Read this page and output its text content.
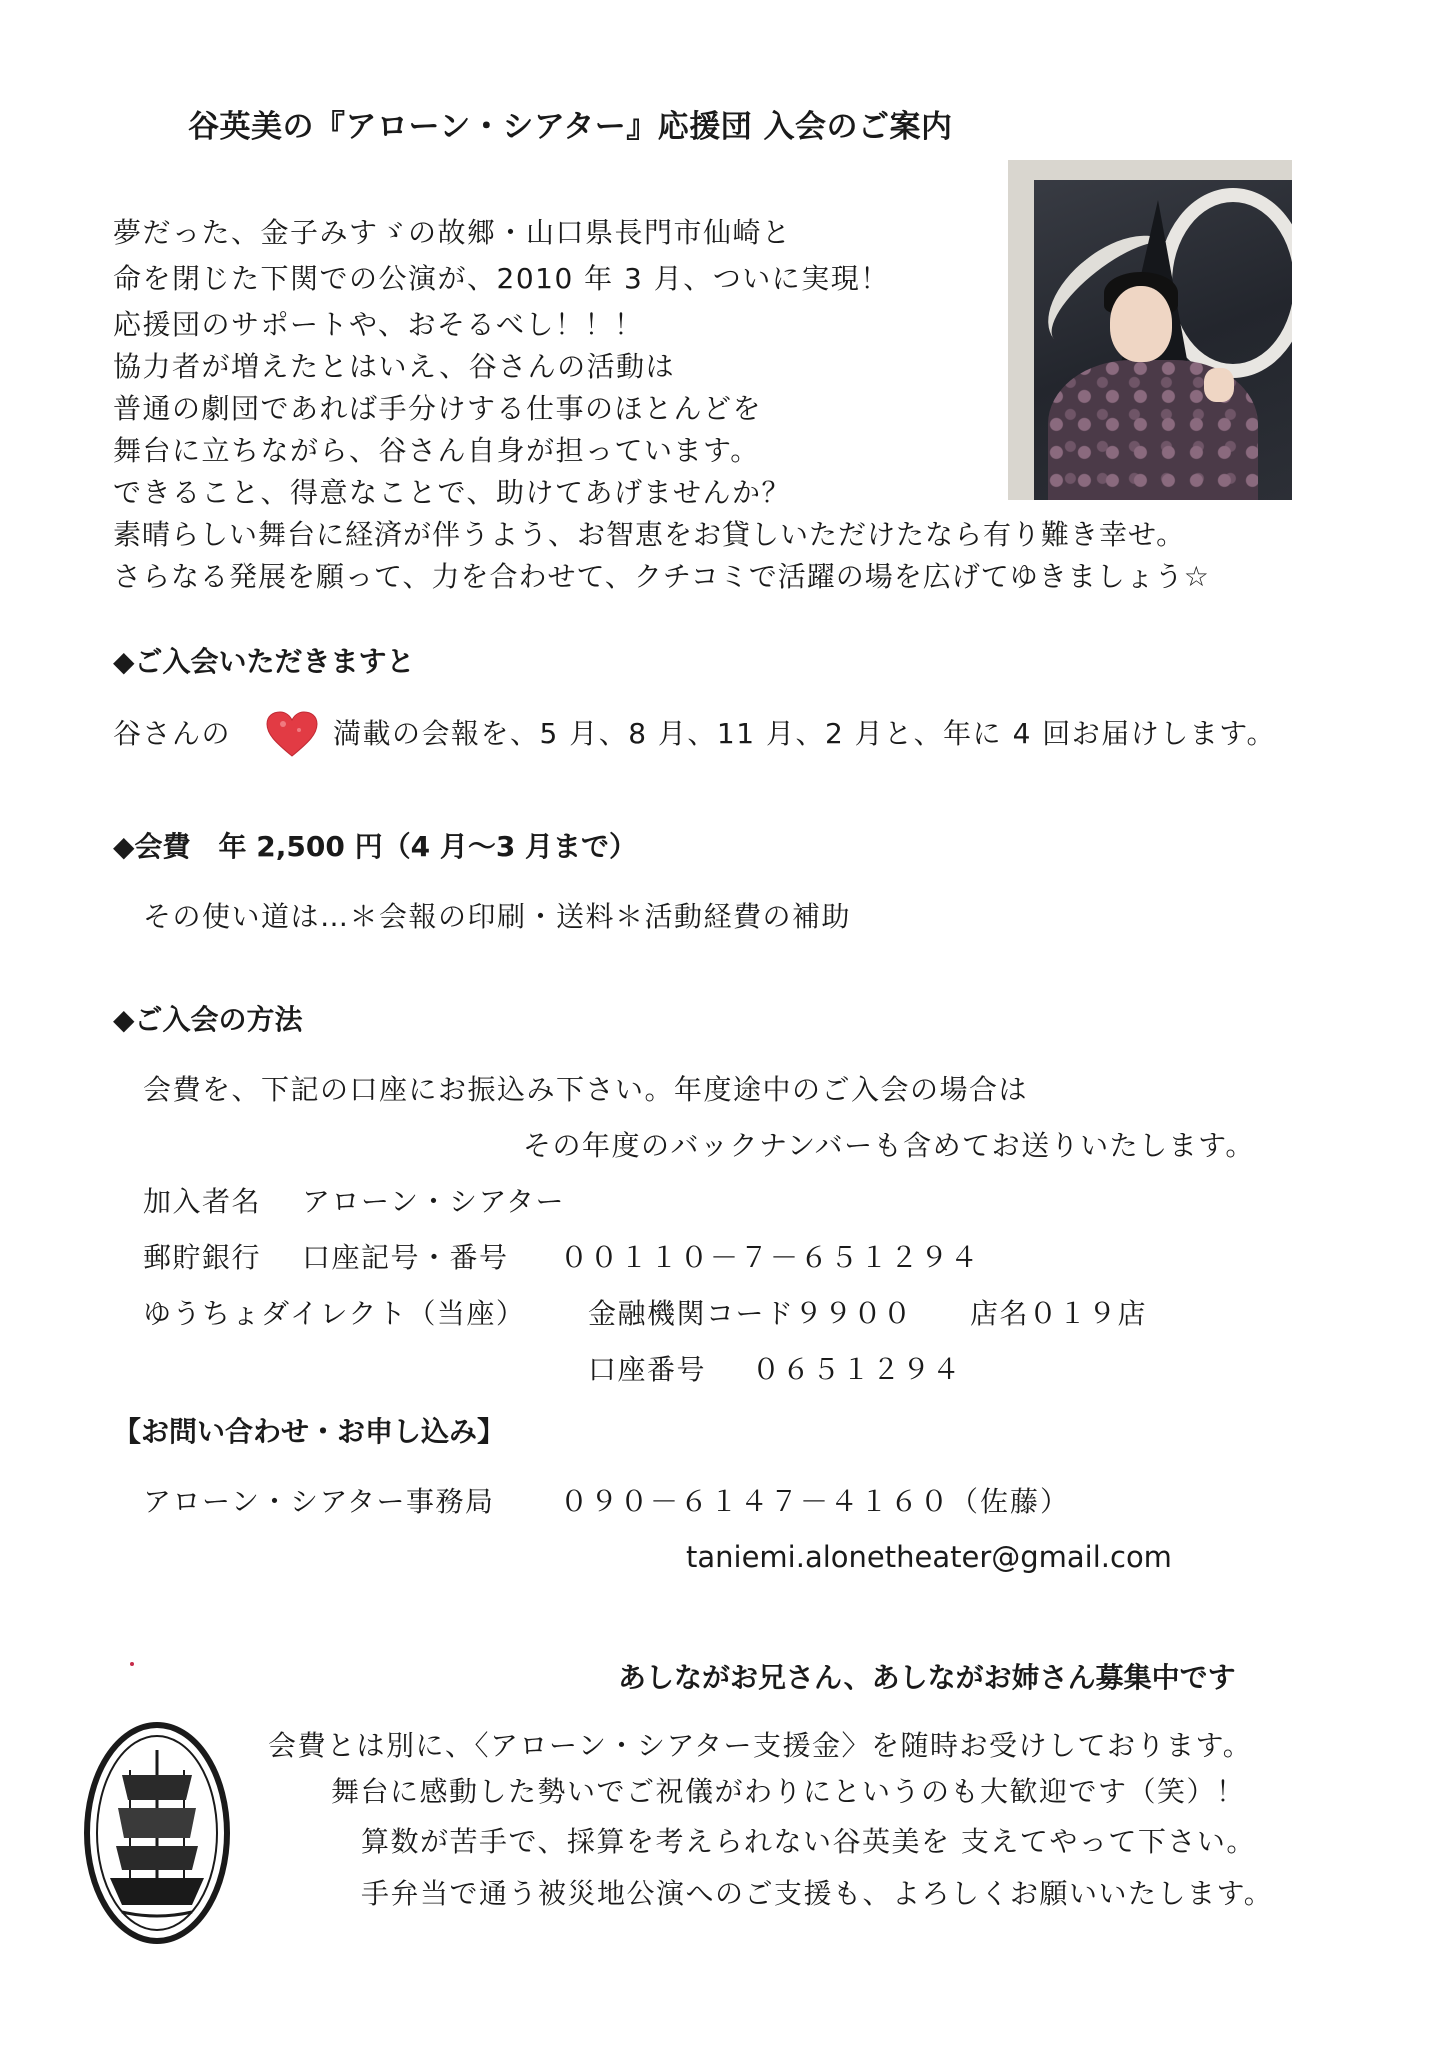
谷英美の『アローン・シアター』応援団 入会のご案内
夢だった、金子みすゞの故郷・山口県長門市仙崎と
命を閉じた下関での公演が、2010 年 3 月、ついに実現！
応援団のサポートや、おそるべし！！！
協力者が増えたとはいえ、谷さんの活動は
普通の劇団であれば手分けする仕事のほとんどを
舞台に立ちながら、谷さん自身が担っています。
できること、得意なことで、助けてあげませんか？
素晴らしい舞台に経済が伴うよう、お智恵をお貸しいただけたなら有り難き幸せ。
さらなる発展を願って、力を合わせて、クチコミで活躍の場を広げてゆきましょう☆
◆ご入会いただきますと
谷さんの	満載の会報を、5 月、8 月、11 月、2 月と、年に 4 回お届けします。
◆会費　年 2,500 円（4 月〜3 月まで）
その使い道は…＊会報の印刷・送料＊活動経費の補助
◆ご入会の方法
会費を、下記の口座にお振込み下さい。年度途中のご入会の場合は
その年度のバックナンバーも含めてお送りいたします。
加入者名 アローン・シアター
郵貯銀行 口座記号・番号 ００１１０－７－６５１２９４
ゆうちょダイレクト（当座） 金融機関コード９９００ 店名０１９店
口座番号 ０６５１２９４
【お問い合わせ・お申し込み】
アローン・シアター事務局 ０９０－６１４７－４１６０（佐藤）
taniemi.alonetheater@gmail.com
あしながお兄さん、あしながお姉さん募集中です
会費とは別に、〈アローン・シアター支援金〉を随時お受けしております。
舞台に感動した勢いでご祝儀がわりにというのも大歓迎です（笑）！
算数が苦手で、採算を考えられない谷英美を 支えてやって下さい。
手弁当で通う被災地公演へのご支援も、よろしくお願いいたします。
